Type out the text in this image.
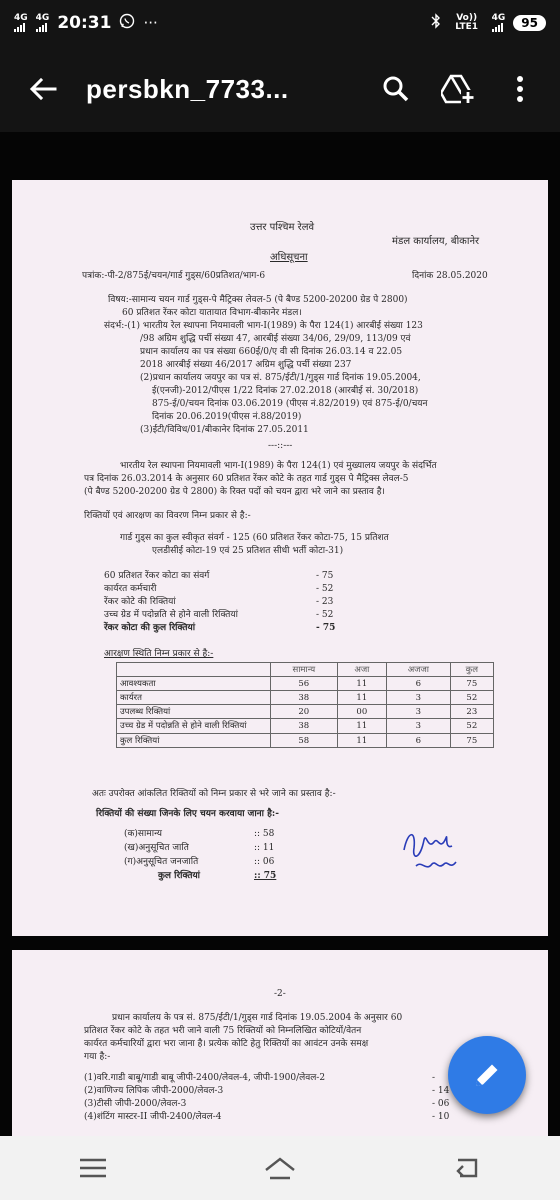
4G 4G 20:31 ···	Vo)) LTE1
4G	95
persbkn_7733...
उत्तर पश्चिम रेलवे
मंडल कार्यालय, बीकानेर
अधिसूचना
पत्रांक:-पी-2/875ई/चयन/गार्ड गुड्स/60प्रतिशत/भाग-6	दिनांक 28.05.2020
विषय:-सामान्य चयन गार्ड गुड्स-पे मैट्रिक्स लेवल-5 (पे बैण्ड 5200-20200 ग्रेड पे 2800)
60 प्रतिशत रेंकर कोटा यातायात विभाग-बीकानेर मंडल।
संदर्भ:-(1) भारतीय रेल स्थापना नियमावली भाग-I(1989) के पैरा 124(1) आरबीई संख्या 123
/98 अग्रिम शुद्धि पर्ची संख्या 47, आरबीई संख्या 34/06, 29/09, 113/09 एवं
प्रधान कार्यालय का पत्र संख्या 660ई/0/ए वी सी दिनांक 26.03.14 व 22.05
2018 आरबीई संख्या 46/2017 अग्रिम शुद्धि पर्ची संख्या 237
(2)प्रधान कार्यालय जयपुर का पत्र सं. 875/ईटी/1/गुड्स गार्ड दिनांक 19.05.2004,
ई(एनजी)-2012/पीएस 1/22 दिनांक 27.02.2018 (आरबीई सं. 30/2018)
875-ई/0/चयन दिनांक 03.06.2019 (पीएस नं.82/2019) एवं 875-ई/0/चयन
दिनांक 20.06.2019(पीएस नं.88/2019)
(3)ईटी/विविध/01/बीकानेर दिनांक 27.05.2011
---::---
भारतीय रेल स्थापना नियमावली भाग-I(1989) के पैरा 124(1) एवं मुख्यालय जयपुर के संदर्भित
पत्र दिनांक 26.03.2014 के अनुसार 60 प्रतिशत रेंकर कोटे के तहत गार्ड गुड्स पे मैट्रिक्स लेवल-5
(पे बैण्ड 5200-20200 ग्रेड पे 2800) के रिक्त पदों को चयन द्वारा भरे जाने का प्रस्ताव है।
रिक्तियों एवं आरक्षण का विवरण निम्न प्रकार से है:-
गार्ड गुड्स का कुल स्वीकृत संवर्ग - 125 (60 प्रतिशत रेंकर कोटा-75, 15 प्रतिशत
एलडीसीई कोटा-19 एवं 25 प्रतिशत सीधी भर्ती कोटा-31)
60 प्रतिशत रेंकर कोटा का संवर्ग	- 75
कार्यरत कर्मचारी	- 52
रेंकर कोटे की रिक्तियां	- 23
उच्च ग्रेड में पदोन्नति से होने वाली रिक्तियां	- 52
रेंकर कोटा की कुल रिक्तियां	- 75
आरक्षण स्थिति निम्न प्रकार से है:-
	सामान्य	अजा	अजजा	कुल
आवश्यकता	56	11	6	75
कार्यरत	38	11	3	52
उपलब्ध रिक्तियां	20	00	3	23
उच्च ग्रेड में पदोन्नति से होने वाली रिक्तियां	38	11	3	52
कुल रिक्तियां	58	11	6	75
अतः उपरोक्त आंकलित रिक्तियों को निम्न प्रकार से भरे जाने का प्रस्ताव है:-
रिक्तियों की संख्या जिनके लिए चयन करवाया जाना है:-
(क)सामान्य	:: 58
(ख)अनुसूचित जाति	:: 11
(ग)अनुसूचित जनजाति	:: 06
कुल रिक्तियां	:: 75
-2-
प्रधान कार्यालय के पत्र सं. 875/ईटी/1/गुड्स गार्ड दिनांक 19.05.2004 के अनुसार 60
प्रतिशत रेंकर कोटे के तहत भरी जाने वाली 75 रिक्तियों को निम्नलिखित कोटियों/वेतन
कार्यरत कर्मचारियों द्वारा भरा जाना है। प्रत्येक कोटि हेतु रिक्तियों का आवंटन उनके समक्ष
गया है:-
(1)वरि.गाडी बाबू/गाडी बाबू जीपी-2400/लेवल-4, जीपी-1900/लेवल-2	-
(2)वाणिज्य लिपिक जीपी-2000/लेवल-3	- 14
(3)टीसी जीपी-2000/लेवल-3	- 06
(4)शंटिंग मास्टर-II जीपी-2400/लेवल-4	- 10
